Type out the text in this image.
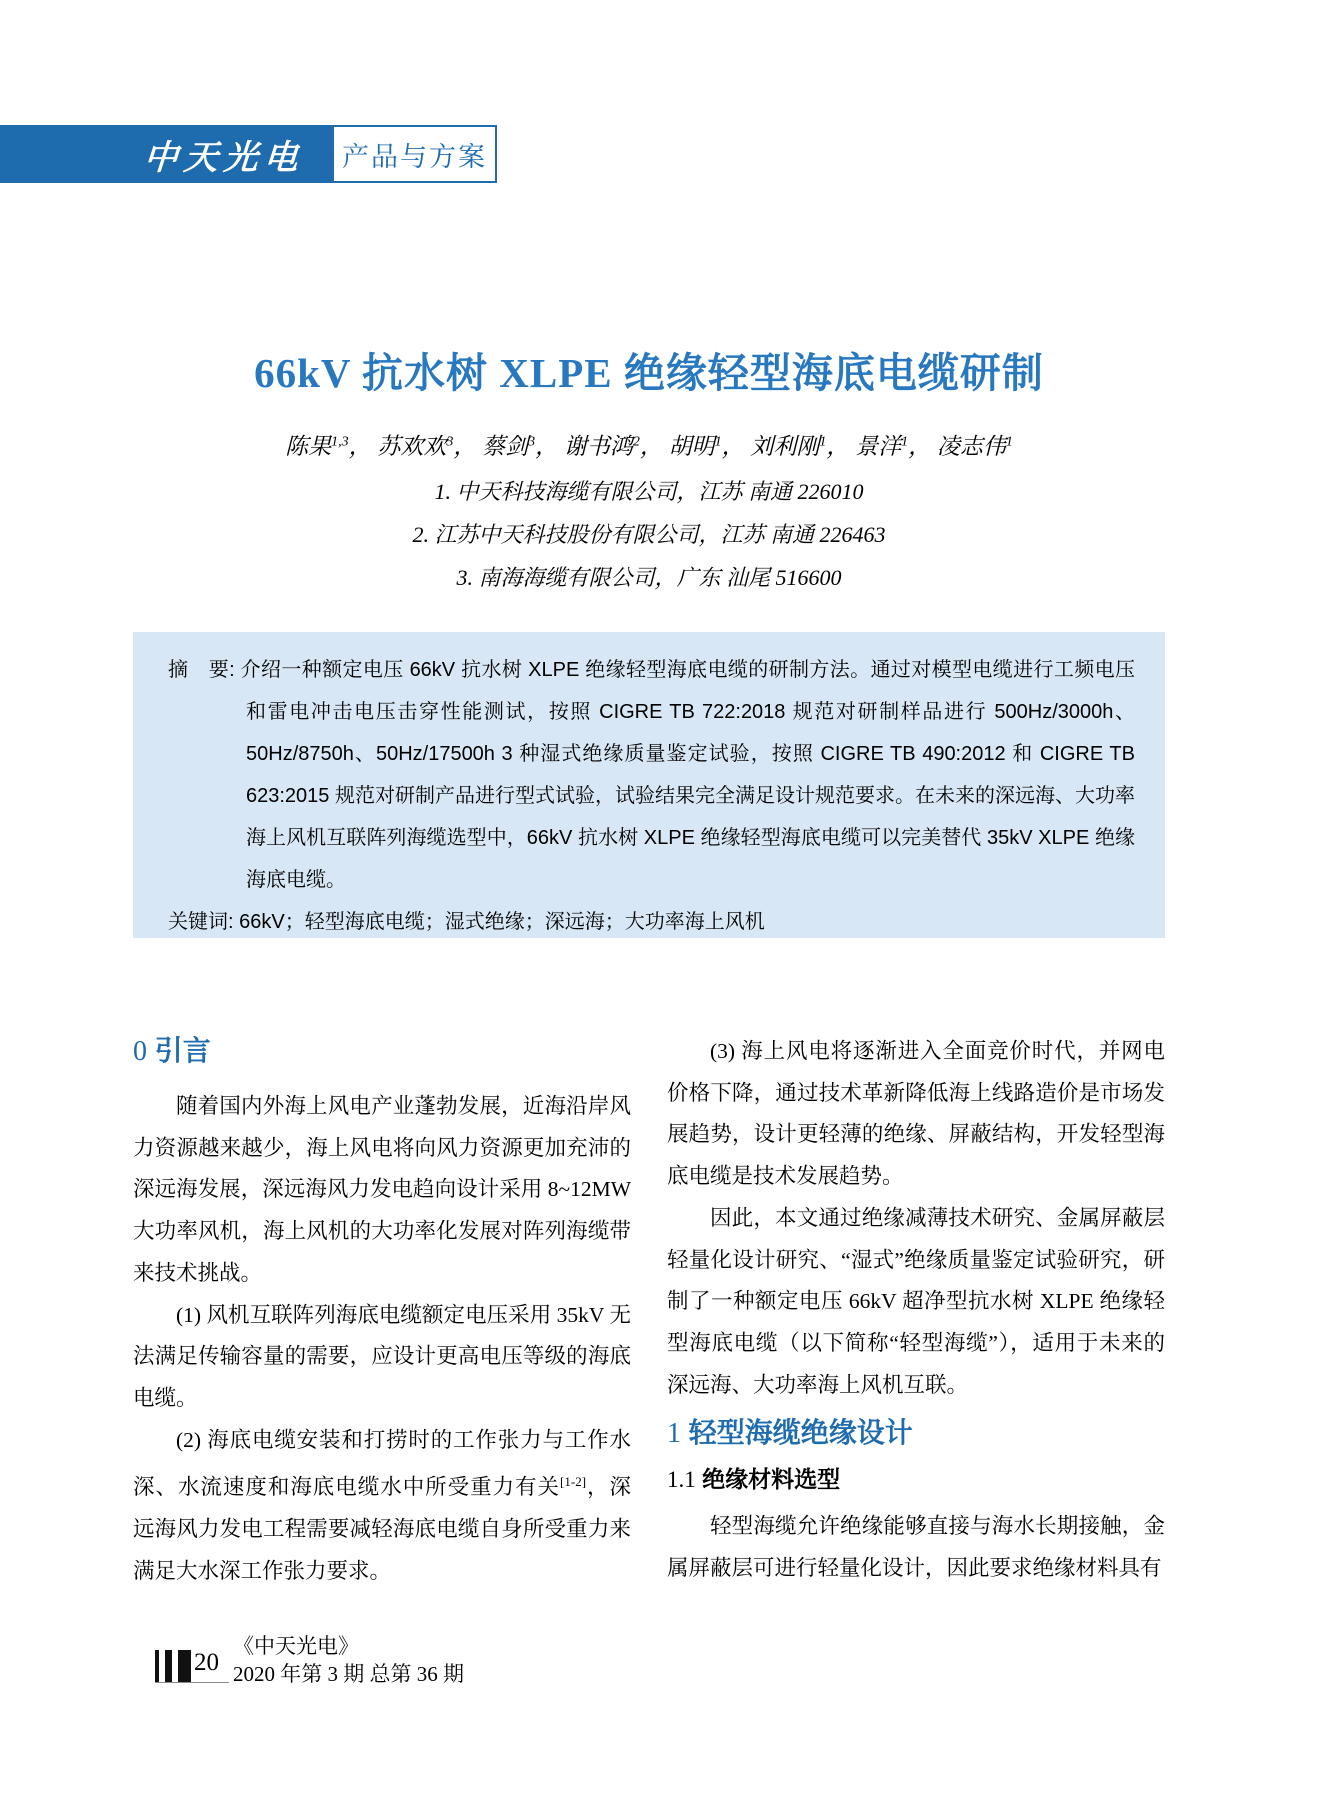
中天光电	产品与方案
66kV 抗水树 XLPE 绝缘轻型海底电缆研制
陈果$^{1,3}$， 苏欢欢$^3$， 蔡剑$^3$， 谢书鸿$^2$， 胡明$^1$， 刘利刚$^1$， 景洋$^1$， 凌志伟$^1$
1. 中天科技海缆有限公司，江苏 南通 226010
2. 江苏中天科技股份有限公司，江苏 南通 226463
3. 南海海缆有限公司，广东 汕尾 516600

摘　要: 介绍一种额定电压 66kV 抗水树 XLPE 绝缘轻型海底电缆的研制方法。通过对模型电缆进行工频电压和雷电冲击电压击穿性能测试，按照 CIGRE TB 722:2018 规范对研制样品进行 500Hz/3000h、50Hz/8750h、50Hz/17500h 3 种湿式绝缘质量鉴定试验，按照 CIGRE TB 490:2012 和 CIGRE TB 623:2015 规范对研制产品进行型式试验，试验结果完全满足设计规范要求。在未来的深远海、大功率海上风机互联阵列海缆选型中，66kV 抗水树 XLPE 绝缘轻型海底电缆可以完美替代 35kV XLPE 绝缘海底电缆。

关键词: 66kV；轻型海底电缆；湿式绝缘；深远海；大功率海上风机

0 引言

随着国内外海上风电产业蓬勃发展，近海沿岸风力资源越来越少，海上风电将向风力资源更加充沛的深远海发展，深远海风力发电趋向设计采用 8~12MW 大功率风机，海上风机的大功率化发展对阵列海缆带来技术挑战。

(1) 风机互联阵列海底电缆额定电压采用 35kV 无法满足传输容量的需要，应设计更高电压等级的海底电缆。

(2) 海底电缆安装和打捞时的工作张力与工作水深、水流速度和海底电缆水中所受重力有关[1-2]，深远海风力发电工程需要减轻海底电缆自身所受重力来满足大水深工作张力要求。

(3) 海上风电将逐渐进入全面竞价时代，并网电价格下降，通过技术革新降低海上线路造价是市场发展趋势，设计更轻薄的绝缘、屏蔽结构，开发轻型海底电缆是技术发展趋势。

因此，本文通过绝缘减薄技术研究、金属屏蔽层轻量化设计研究、“湿式”绝缘质量鉴定试验研究，研制了一种额定电压 66kV 超净型抗水树 XLPE 绝缘轻型海底电缆（以下简称“轻型海缆”），适用于未来的深远海、大功率海上风机互联。

1 轻型海缆绝缘设计
1.1 绝缘材料选型

轻型海缆允许绝缘能够直接与海水长期接触，金属屏蔽层可进行轻量化设计，因此要求绝缘材料具有

20
《中天光电》
2020 年第 3 期 总第 36 期
